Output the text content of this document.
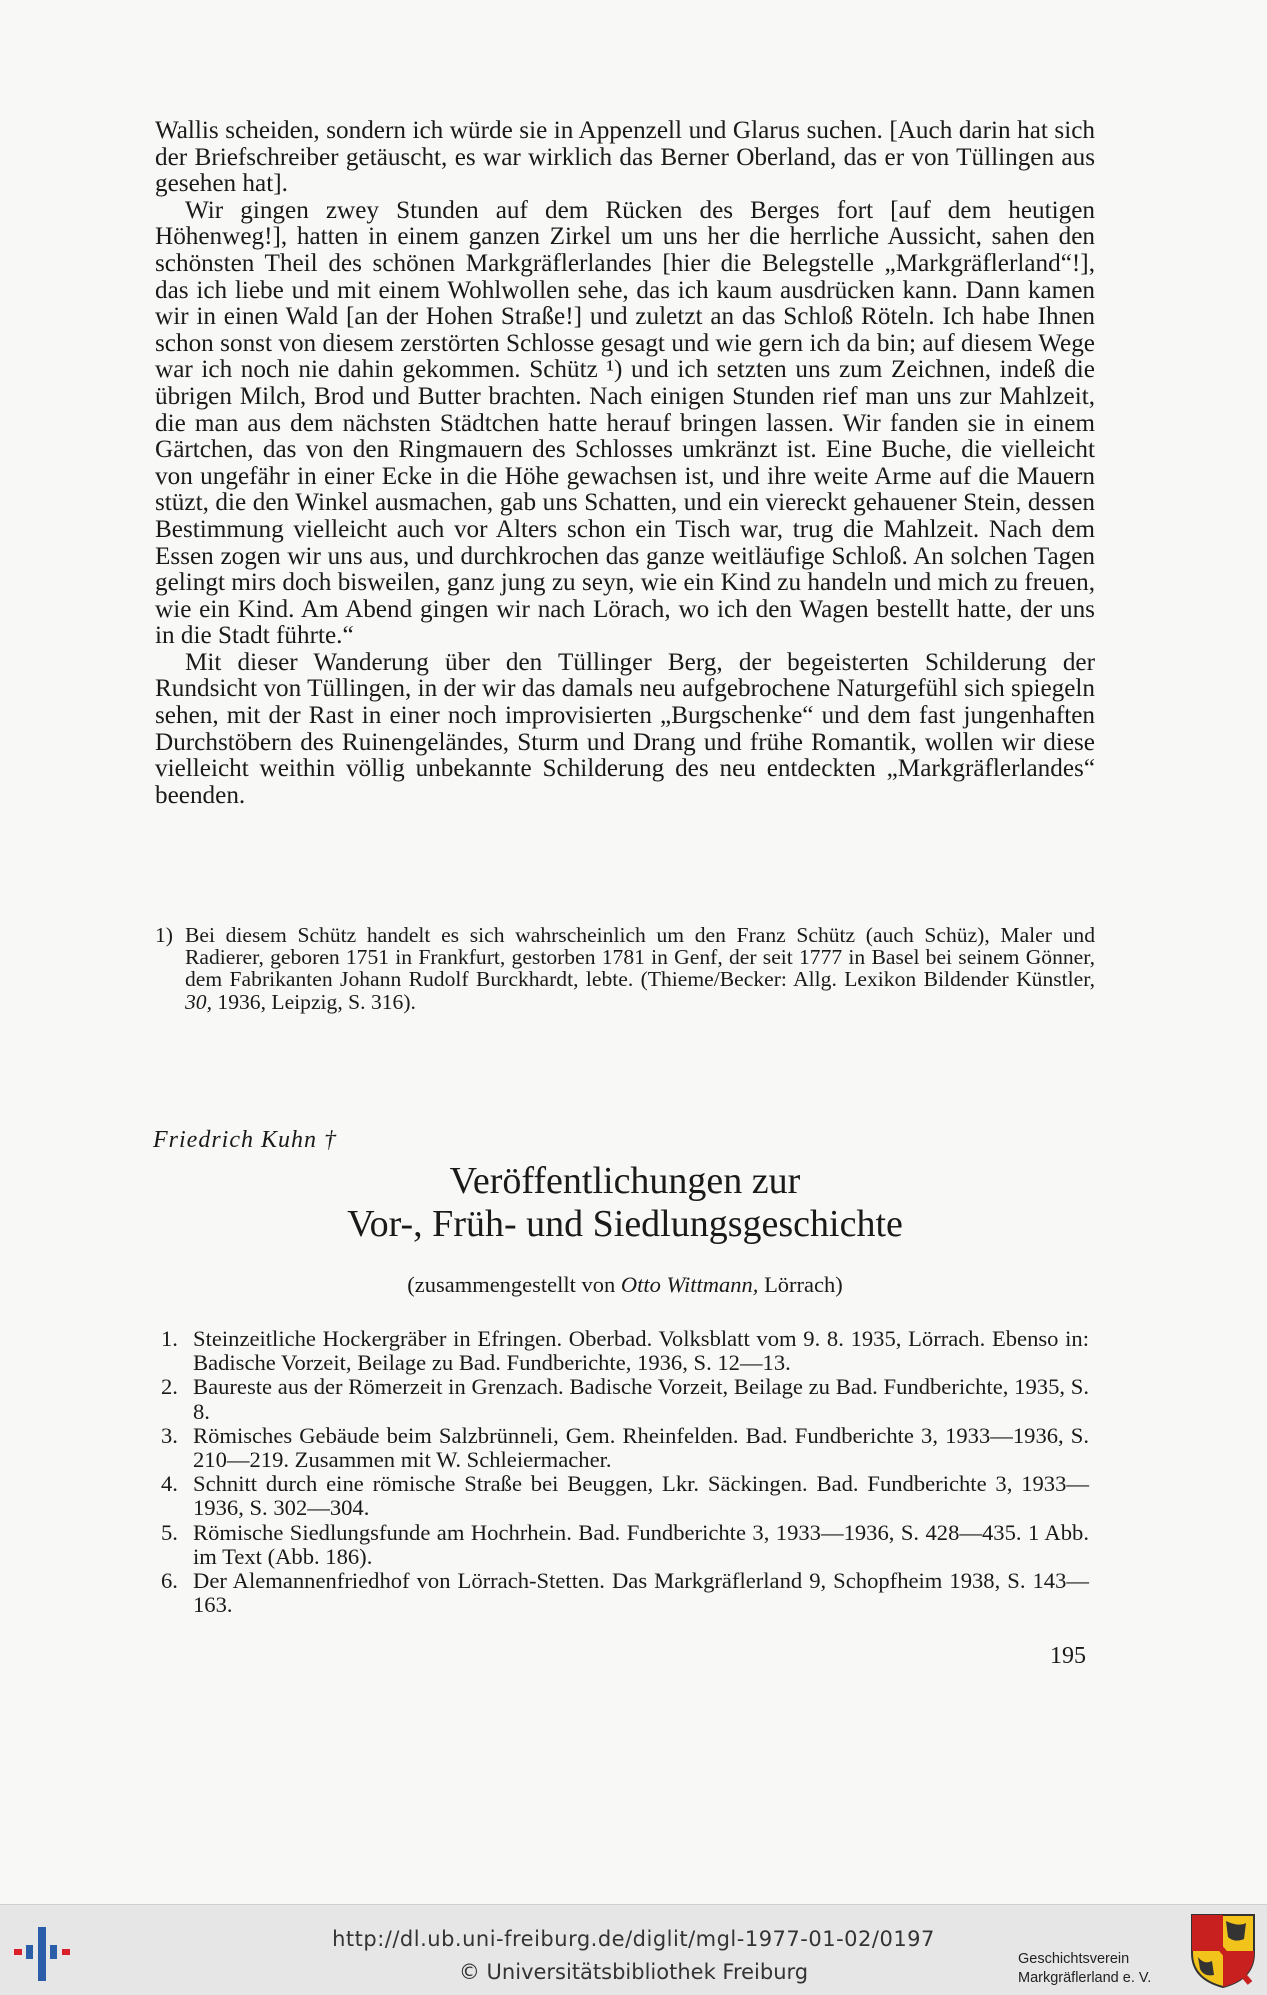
Wallis scheiden, sondern ich würde sie in Appenzell und Glarus suchen. [Auch darin hat sich der Briefschreiber getäuscht, es war wirklich das Berner Oberland, das er von Tüllingen aus gesehen hat].

Wir gingen zwey Stunden auf dem Rücken des Berges fort [auf dem heutigen Höhenweg!], hatten in einem ganzen Zirkel um uns her die herrliche Aussicht, sahen den schönsten Theil des schönen Markgräflerlandes [hier die Belegstelle „Markgräflerland“!], das ich liebe und mit einem Wohlwollen sehe, das ich kaum ausdrücken kann. Dann kamen wir in einen Wald [an der Hohen Straße!] und zuletzt an das Schloß Röteln. Ich habe Ihnen schon sonst von diesem zerstörten Schlosse gesagt und wie gern ich da bin; auf diesem Wege war ich noch nie dahin gekommen. Schütz ¹) und ich setzten uns zum Zeichnen, indeß die übrigen Milch, Brod und Butter brachten. Nach einigen Stunden rief man uns zur Mahlzeit, die man aus dem nächsten Städtchen hatte herauf bringen lassen. Wir fanden sie in einem Gärtchen, das von den Ringmauern des Schlosses umkränzt ist. Eine Buche, die vielleicht von ungefähr in einer Ecke in die Höhe gewachsen ist, und ihre weite Arme auf die Mauern stüzt, die den Winkel ausmachen, gab uns Schatten, und ein viereckt gehauener Stein, dessen Bestimmung vielleicht auch vor Alters schon ein Tisch war, trug die Mahlzeit. Nach dem Essen zogen wir uns aus, und durchkrochen das ganze weitläufige Schloß. An solchen Tagen gelingt mirs doch bisweilen, ganz jung zu seyn, wie ein Kind zu handeln und mich zu freuen, wie ein Kind. Am Abend gingen wir nach Lörach, wo ich den Wagen bestellt hatte, der uns in die Stadt führte.“

Mit dieser Wanderung über den Tüllinger Berg, der begeisterten Schilderung der Rundsicht von Tüllingen, in der wir das damals neu aufgebrochene Naturgefühl sich spiegeln sehen, mit der Rast in einer noch improvisierten „Burgschenke“ und dem fast jungenhaften Durchstöbern des Ruinengeländes, Sturm und Drang und frühe Romantik, wollen wir diese vielleicht weithin völlig unbekannte Schilderung des neu entdeckten „Markgräflerlandes“ beenden.

1) Bei diesem Schütz handelt es sich wahrscheinlich um den Franz Schütz (auch Schüz), Maler und Radierer, geboren 1751 in Frankfurt, gestorben 1781 in Genf, der seit 1777 in Basel bei seinem Gönner, dem Fabrikanten Johann Rudolf Burckhardt, lebte. (Thieme/Becker: Allg. Lexikon Bildender Künstler, 30, 1936, Leipzig, S. 316).
Friedrich Kuhn †
Veröffentlichungen zur
Vor-, Früh- und Siedlungsgeschichte
(zusammengestellt von Otto Wittmann, Lörrach)
1. Steinzeitliche Hockergräber in Efringen. Oberbad. Volksblatt vom 9. 8. 1935, Lörrach. Ebenso in: Badische Vorzeit, Beilage zu Bad. Fundberichte, 1936, S. 12—13.
2. Baureste aus der Römerzeit in Grenzach. Badische Vorzeit, Beilage zu Bad. Fundberichte, 1935, S. 8.
3. Römisches Gebäude beim Salzbrünneli, Gem. Rheinfelden. Bad. Fundberichte 3, 1933—1936, S. 210—219. Zusammen mit W. Schleiermacher.
4. Schnitt durch eine römische Straße bei Beuggen, Lkr. Säckingen. Bad. Fundberichte 3, 1933—1936, S. 302—304.
5. Römische Siedlungsfunde am Hochrhein. Bad. Fundberichte 3, 1933—1936, S. 428—435. 1 Abb. im Text (Abb. 186).
6. Der Alemannenfriedhof von Lörrach-Stetten. Das Markgräflerland 9, Schopfheim 1938, S. 143—163.
195
http://dl.ub.uni-freiburg.de/diglit/mgl-1977-01-02/0197
© Universitätsbibliothek Freiburg
Geschichtsverein
Markgräflerland e. V.
